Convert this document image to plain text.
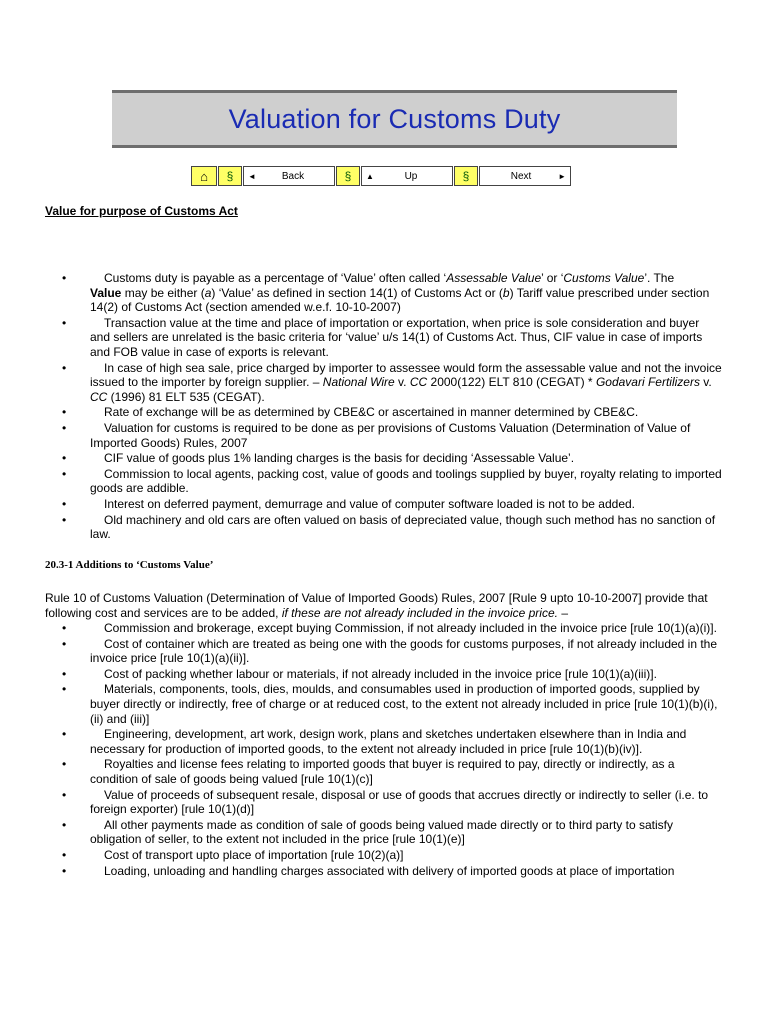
Valuation for Customs Duty
⌂ § ◄	Back	§ ▲	Up	§	Next	►
Value for purpose of Customs Act
•	Customs duty is payable as a percentage of ‘Value’ often called ‘Assessable Value’ or ‘Customs Value’. The
Value may be either (a) ‘Value’ as defined in section 14(1) of Customs Act or (b) Tariff value prescribed under section 14(2) of Customs Act (section amended w.e.f. 10-10-2007)
•	Transaction value at the time and place of importation or exportation, when price is sole consideration and buyer and sellers are unrelated is the basic criteria for ‘value’ u/s 14(1) of Customs Act. Thus, CIF value in case of imports and FOB value in case of exports is relevant.
•	In case of high sea sale, price charged by importer to assessee would form the assessable value and not the invoice issued to the importer by foreign supplier. – National Wire v. CC 2000(122) ELT 810 (CEGAT) * Godavari Fertilizers v. CC (1996) 81 ELT 535 (CEGAT).
•	Rate of exchange will be as determined by CBE&C or ascertained in manner determined by CBE&C.
•	Valuation for customs is required to be done as per provisions of Customs Valuation (Determination of Value of Imported Goods) Rules, 2007
•	CIF value of goods plus 1% landing charges is the basis for deciding ‘Assessable Value’.
•	Commission to local agents, packing cost, value of goods and toolings supplied by buyer, royalty relating to imported goods are addible.
•	Interest on deferred payment, demurrage and value of computer software loaded is not to be added.
•	Old machinery and old cars are often valued on basis of depreciated value, though such method has no sanction of law.
20.3-1 Additions to ‘Customs Value’
Rule 10 of Customs Valuation (Determination of Value of Imported Goods) Rules, 2007 [Rule 9 upto 10-10-2007] provide that following cost and services are to be added, if these are not already included in the invoice price. –
•	Commission and brokerage, except buying Commission, if not already included in the invoice price [rule 10(1)(a)(i)].
•	Cost of container which are treated as being one with the goods for customs purposes, if not already included in the invoice price [rule 10(1)(a)(ii)].
•	Cost of packing whether labour or materials, if not already included in the invoice price [rule 10(1)(a)(iii)].
•	Materials, components, tools, dies, moulds, and consumables used in production of imported goods, supplied by buyer directly or indirectly, free of charge or at reduced cost, to the extent not already included in price [rule 10(1)(b)(i), (ii) and (iii)]
•	Engineering, development, art work, design work, plans and sketches undertaken elsewhere than in India and necessary for production of imported goods, to the extent not already included in price [rule 10(1)(b)(iv)].
•	Royalties and license fees relating to imported goods that buyer is required to pay, directly or indirectly, as a condition of sale of goods being valued [rule 10(1)(c)]
•	Value of proceeds of subsequent resale, disposal or use of goods that accrues directly or indirectly to seller (i.e. to foreign exporter) [rule 10(1)(d)]
•	All other payments made as condition of sale of goods being valued made directly or to third party to satisfy obligation of seller, to the extent not included in the price [rule 10(1)(e)]
•	Cost of transport upto place of importation [rule 10(2)(a)]
•	Loading, unloading and handling charges associated with delivery of imported goods at place of importation
